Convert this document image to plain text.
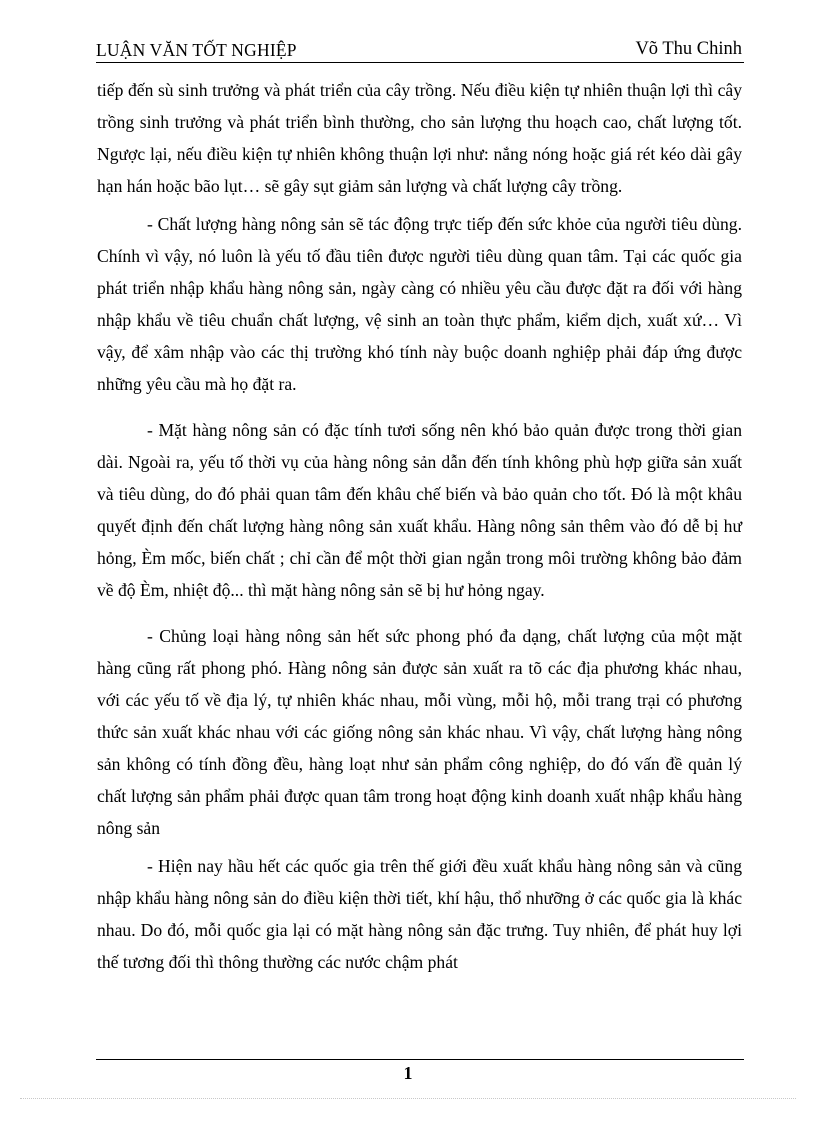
LUẬN VĂN TỐT NGHIỆP	Võ Thu Chinh

tiếp đến sù sinh trưởng và phát triển của cây trồng. Nếu điều kiện tự nhiên thuận lợi thì cây trồng sinh trưởng và phát triển bình thường, cho sản lượng thu hoạch cao, chất lượng tốt. Ngược lại, nếu điều kiện tự nhiên không thuận lợi như: nắng nóng hoặc giá rét kéo dài gây hạn hán hoặc bão lụt… sẽ gây sụt giảm sản lượng và chất lượng cây trồng.

- Chất lượng hàng nông sản sẽ tác động trực tiếp đến sức khỏe của người tiêu dùng. Chính vì vậy, nó luôn là yếu tố đầu tiên được người tiêu dùng quan tâm. Tại các quốc gia phát triển nhập khẩu hàng nông sản, ngày càng có nhiều yêu cầu được đặt ra đối với hàng nhập khẩu về tiêu chuẩn chất lượng, vệ sinh an toàn thực phẩm, kiểm dịch, xuất xứ… Vì vậy, để xâm nhập vào các thị trường khó tính này buộc doanh nghiệp phải đáp ứng được những yêu cầu mà họ đặt ra.

- Mặt hàng nông sản có đặc tính tươi sống nên khó bảo quản được trong thời gian dài. Ngoài ra, yếu tố thời vụ của hàng nông sản dẫn đến tính không phù hợp giữa sản xuất và tiêu dùng, do đó phải quan tâm đến khâu chế biến và bảo quản cho tốt. Đó là một khâu quyết định đến chất lượng hàng nông sản xuất khẩu. Hàng nông sản thêm vào đó dễ bị hư hỏng, Èm mốc, biến chất ; chỉ cần để một thời gian ngắn trong môi trường không bảo đảm về độ Èm, nhiệt độ... thì mặt hàng nông sản sẽ bị hư hỏng ngay.

- Chủng loại hàng nông sản hết sức phong phó đa dạng, chất lượng của một mặt hàng cũng rất phong phó. Hàng nông sản được sản xuất ra tõ các địa phương khác nhau, với các yếu tố về địa lý, tự nhiên khác nhau, mỗi vùng, mỗi hộ, mỗi trang trại có phương thức sản xuất khác nhau với các giống nông sản khác nhau. Vì vậy, chất lượng hàng nông sản không có tính đồng đều, hàng loạt như sản phẩm công nghiệp, do đó vấn đề quản lý chất lượng sản phẩm phải được quan tâm trong hoạt động kinh doanh xuất nhập khẩu hàng nông sản

- Hiện nay hầu hết các quốc gia trên thế giới đều xuất khẩu hàng nông sản và cũng nhập khẩu hàng nông sản do điều kiện thời tiết, khí hậu, thổ nhưỡng ở các quốc gia là khác nhau. Do đó, mỗi quốc gia lại có mặt hàng nông sản đặc trưng. Tuy nhiên, để phát huy lợi thế tương đối thì thông thường các nước chậm phát

1
